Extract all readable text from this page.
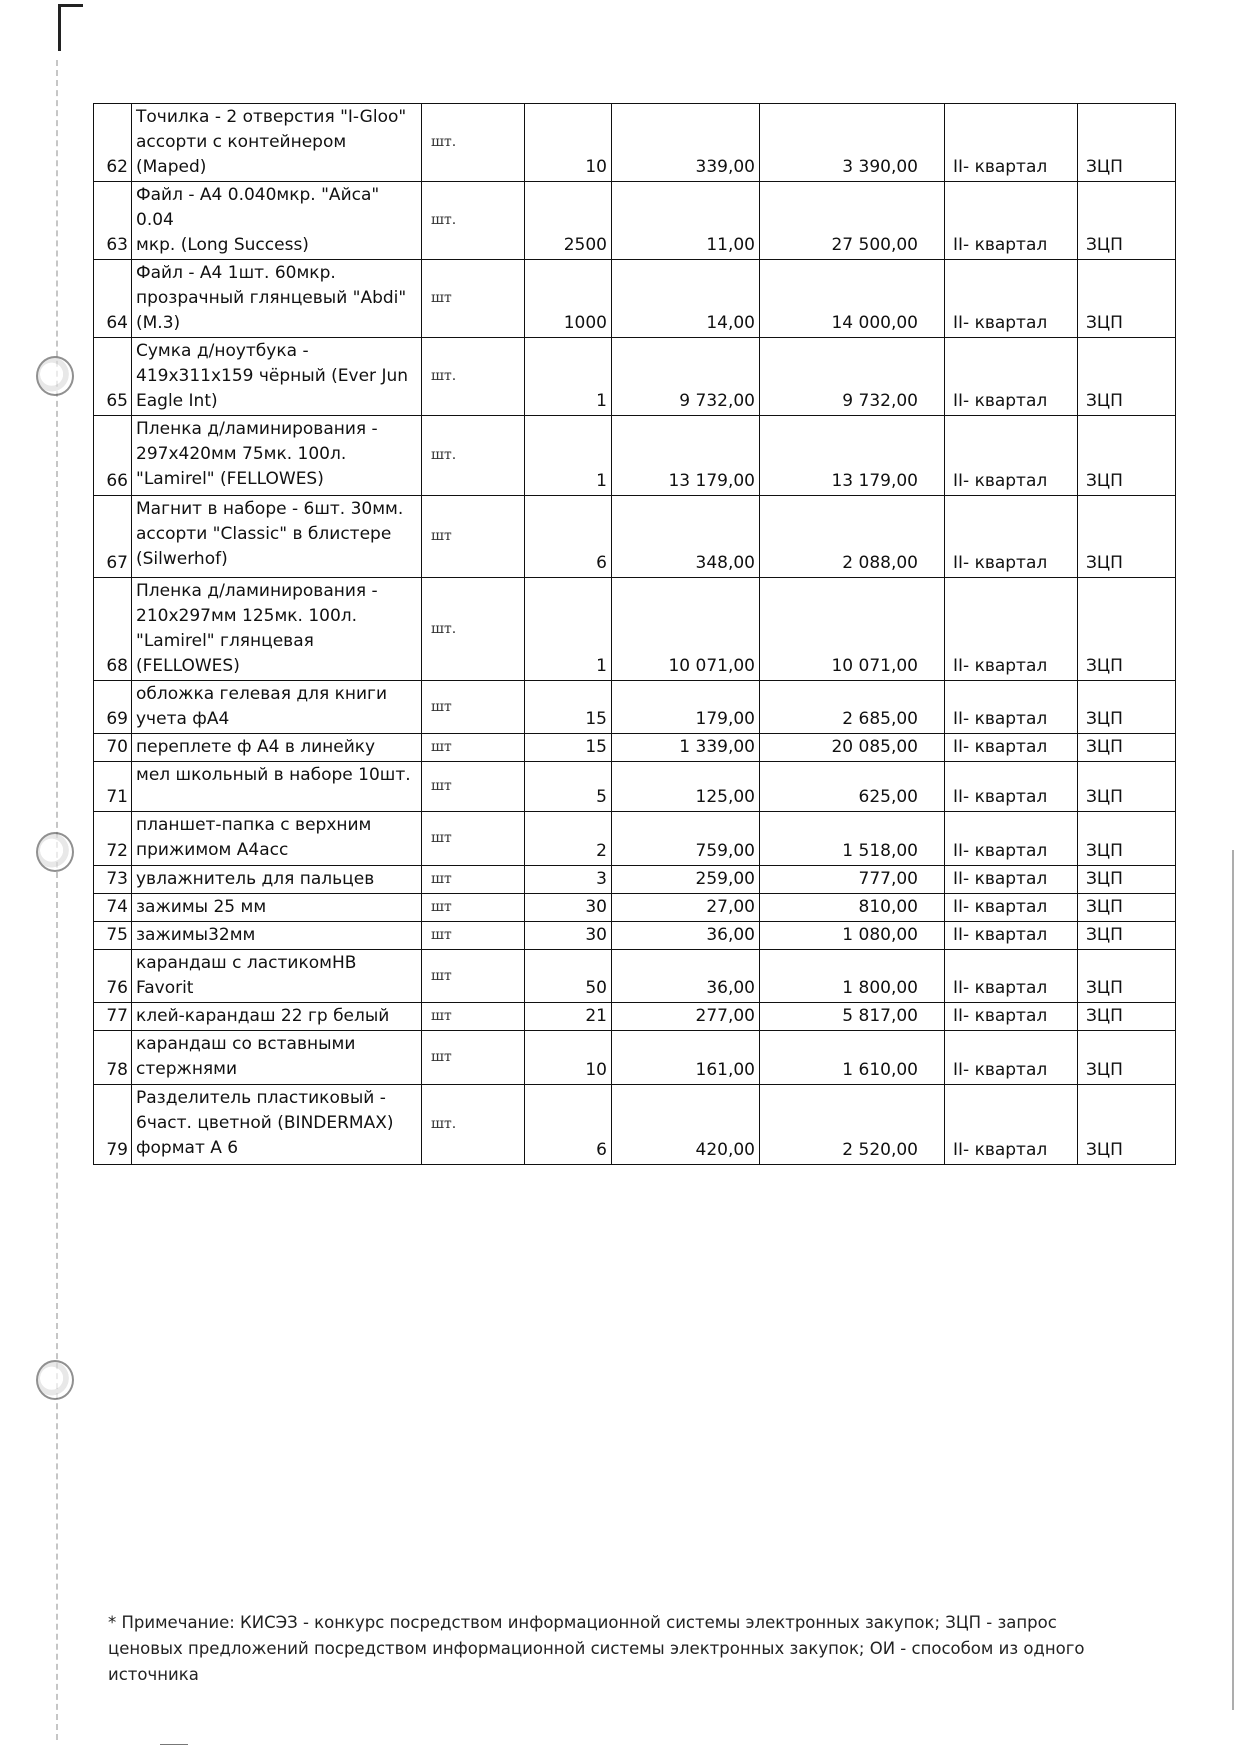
62	Точилка - 2 отверстия "I-Gloo"
ассорти с контейнером (Maped)	шт.	10	339,00	3 390,00	II- квартал	ЗЦП
63	Файл - А4 0.040мкр. "Айса" 0.04
мкр. (Long Success)	шт.	2500	11,00	27 500,00	II- квартал	ЗЦП
64	Файл - А4 1шт. 60мкр.
прозрачный глянцевый "Abdi"
(M.3)	шт	1000	14,00	14 000,00	II- квартал	ЗЦП
65	Сумка д/ноутбука -
419x311x159 чёрный (Ever Jun
Eagle Int)	шт.	1	9 732,00	9 732,00	II- квартал	ЗЦП
66	Пленка д/ламинирования -
297x420мм 75мк. 100л.
"Lamirel" (FELLOWES)	шт.	1	13 179,00	13 179,00	II- квартал	ЗЦП
67	Магнит в наборе - 6шт. 30мм.
ассорти "Classic" в блистере
(Silwerhof)	шт	6	348,00	2 088,00	II- квартал	ЗЦП
68	Пленка д/ламинирования -
210x297мм 125мк. 100л.
"Lamirel" глянцевая (FELLOWES)	шт.	1	10 071,00	10 071,00	II- квартал	ЗЦП
69	обложка гелевая для книги
учета фА4	шт	15	179,00	2 685,00	II- квартал	ЗЦП
70	переплете ф А4 в линейку	шт	15	1 339,00	20 085,00	II- квартал	ЗЦП
71	мел школьный в наборе 10шт.	шт	5	125,00	625,00	II- квартал	ЗЦП
72	планшет-папка с верхним
прижимом А4асс	шт	2	759,00	1 518,00	II- квартал	ЗЦП
73	увлажнитель для пальцев	шт	3	259,00	777,00	II- квартал	ЗЦП
74	зажимы 25 мм	шт	30	27,00	810,00	II- квартал	ЗЦП
75	зажимы32мм	шт	30	36,00	1 080,00	II- квартал	ЗЦП
76	карандаш с ластикомHB Favorit	шт	50	36,00	1 800,00	II- квартал	ЗЦП
77	клей-карандаш 22 гр белый	шт	21	277,00	5 817,00	II- квартал	ЗЦП
78	карандаш со вставными
стержнями	шт	10	161,00	1 610,00	II- квартал	ЗЦП
79	Разделитель пластиковый -
6част. цветной (BINDERMAX)
формат А 6	шт.	6	420,00	2 520,00	II- квартал	ЗЦП
* Примечание: КИСЭЗ - конкурс посредством информационной системы электронных закупок; ЗЦП - запрос ценовых предложений посредством информационной системы электронных закупок; ОИ - способом из одного источника
